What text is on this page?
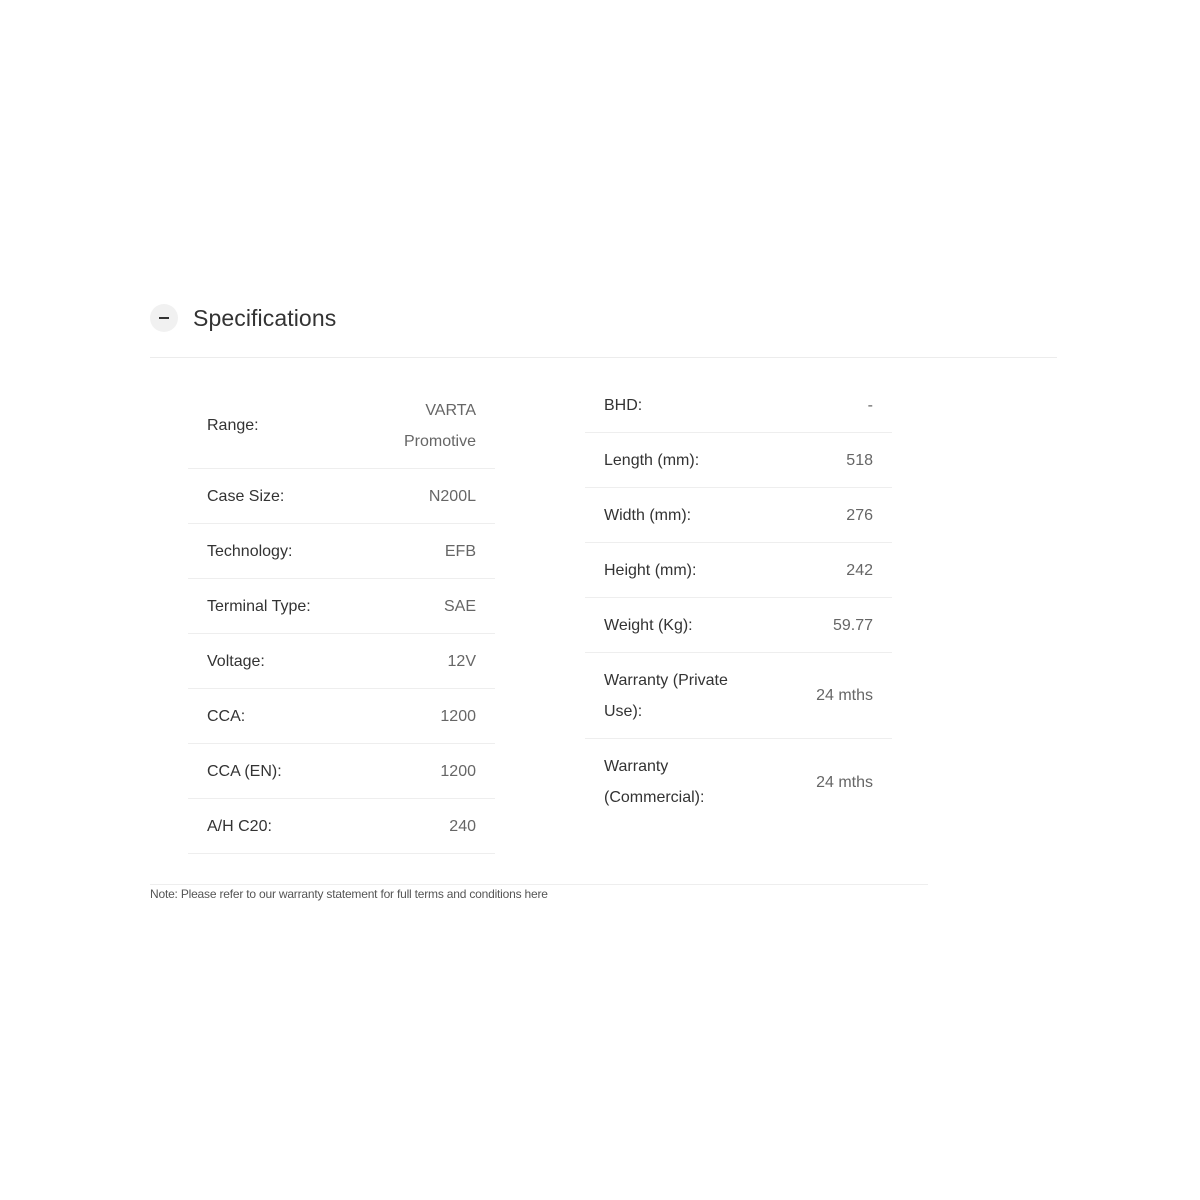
Specifications
Range:
VARTA Promotive
Case Size:	N200L
Technology:	EFB
Terminal Type:	SAE
Voltage:	12V
CCA:	1200
CCA (EN):	1200
A/H C20:	240
BHD:	-
Length (mm):	518
Width (mm):	276
Height (mm):	242
Weight (Kg):	59.77
Warranty (Private Use):
24 mths
Warranty (Commercial):
24 mths
Note: Please refer to our warranty statement for full terms and conditions here
